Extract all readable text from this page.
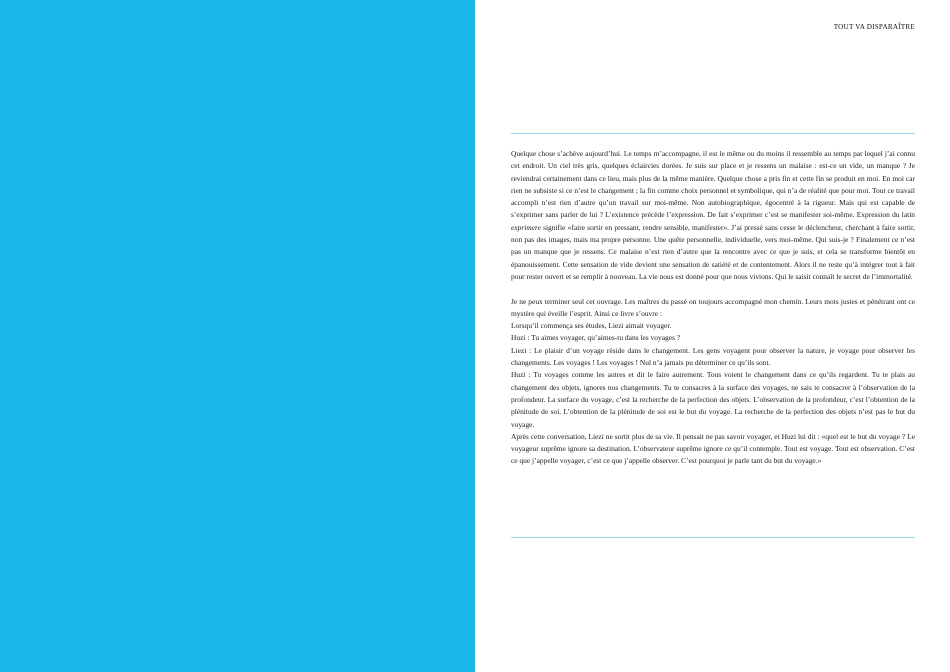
TOUT VA DISPARAÎTRE

Quelque chose s’achève aujourd’hui. Le temps m’accompagne, il est le même ou du moins il ressemble au temps par lequel j’ai connu cet endroit. Un ciel très gris, quelques éclaircies dorées. Je suis sur place et je ressens un malaise : est-ce un vide, un manque ? Je reviendrai certainement dans ce lieu, mais plus de la même manière. Quelque chose a pris fin et cette fin se produit en moi. En moi car rien ne subsiste si ce n’est le changement ; la fin comme choix personnel et symbolique, qui n’a de réalité que pour moi. Tout ce travail accompli n’est rien d’autre qu’un travail sur moi-même. Non autobiographique, égocentré à la rigueur. Mais qui est capable de s’exprimer sans parler de lui ? L’existence précède l’expression. De fait s’exprimer c’est se manifester soi-même. Expression du latin exprimere signifie «faire sortir en pressant, rendre sensible, manifester». J’ai pressé sans cesse le déclencheur, cherchant à faire sortir, non pas des images, mais ma propre personne. Une quête personnelle, individuelle, vers moi-même. Qui suis-je ? Finalement ce n’est pas un manque que je ressens. Ce malaise n’est rien d’autre que la rencontre avec ce que je suis, et cela se transforme bientôt en épanouissement. Cette sensation de vide devient une sensation de satiété et de contentement. Alors il ne reste qu’à intégrer tout à fait pour rester ouvert et se remplir à nouveau. La vie nous est donné pour que nous vivions. Qui le saisit connaît le secret de l’immortalité.

Je ne peux terminer seul cet ouvrage. Les maîtres du passé on toujours accompagné mon chemin. Leurs mots justes et pénétrant ont ce mystère qui éveille l’esprit. Ainsi ce livre s’ouvre :

Lorsqu’il commença ses études, Liezi aimait voyager.

Huzi : Tu aimes voyager, qu’aimes-tu dans les voyages ?

Liezi : Le plaisir d’un voyage réside dans le changement. Les gens voyagent pour observer la nature, je voyage pour observer les changements. Les voyages ! Les voyages ! Nul n’a jamais pu déterminer ce qu’ils sont.

Huzi : Tu voyages comme les autres et dit le faire autrement. Tous voient le changement dans ce qu’ils regardent. Tu te plais au changement des objets, ignores nos changements. Tu te consacres à la surface des voyages, ne sais te consacrer à l’observation de la profondeur. La surface du voyage, c’est la recherche de la perfection des objets. L’observation de la profondeur, c’est l’obtention de la plénitude de soi. L’obtention de la plénitude de soi est le but du voyage. La recherche de la perfection des objets n’est pas le but du voyage.

Après cette conversation, Liezi ne sortit plus de sa vie. Il pensait ne pas savoir voyager, et Huzi lui dit : «quel est le but du voyage ? Le voyageur suprême ignore sa destination. L’observateur suprême ignore ce qu’il contemple. Tout est voyage. Tout est observation. C’est ce que j’appelle voyager, c’est ce que j’appelle observer. C’est pourquoi je parle tant du but du voyage.»
